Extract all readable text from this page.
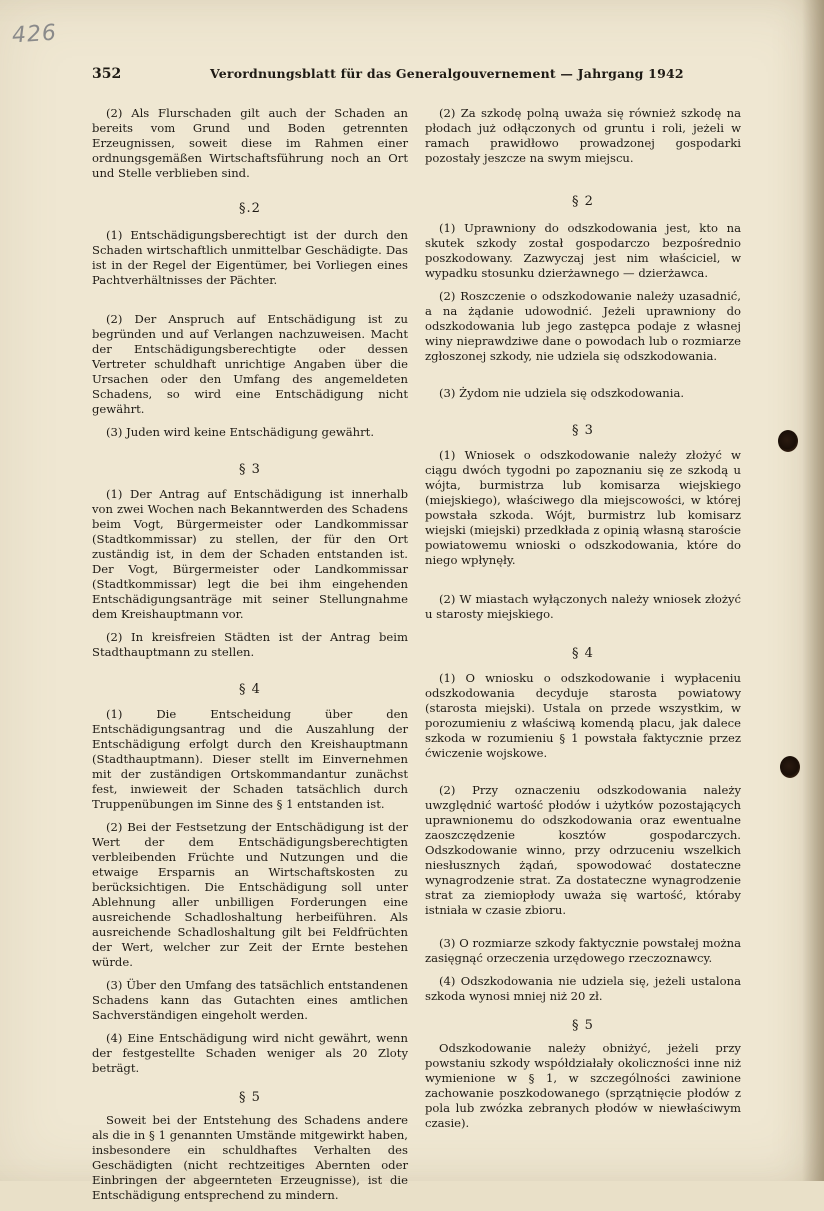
426
352	Verordnungsblatt für das Generalgouvernement — Jahrgang 1942

(2) Als Flurschaden gilt auch der Schaden an bereits vom Grund und Boden getrennten Erzeugnissen, soweit diese im Rahmen einer ordnungsgemäßen Wirtschaftsführung noch an Ort und Stelle verblieben sind.

§.2

(1) Entschädigungsberechtigt ist der durch den Schaden wirtschaftlich unmittelbar Geschädigte. Das ist in der Regel der Eigentümer, bei Vorliegen eines Pachtverhältnisses der Pächter.

(2) Der Anspruch auf Entschädigung ist zu begründen und auf Verlangen nachzuweisen. Macht der Entschädigungsberechtigte oder dessen Vertreter schuldhaft unrichtige Angaben über die Ursachen oder den Umfang des angemeldeten Schadens, so wird eine Entschädigung nicht gewährt.

(3) Juden wird keine Entschädigung gewährt.

§ 3

(1) Der Antrag auf Entschädigung ist innerhalb von zwei Wochen nach Bekanntwerden des Schadens beim Vogt, Bürgermeister oder Landkommissar (Stadtkommissar) zu stellen, der für den Ort zuständig ist, in dem der Schaden entstanden ist. Der Vogt, Bürgermeister oder Landkommissar (Stadtkommissar) legt die bei ihm eingehenden Entschädigungsanträge mit seiner Stellungnahme dem Kreishauptmann vor.

(2) In kreisfreien Städten ist der Antrag beim Stadthauptmann zu stellen.

§ 4

(1) Die Entscheidung über den Entschädigungsantrag und die Auszahlung der Entschädigung erfolgt durch den Kreishauptmann (Stadthauptmann). Dieser stellt im Einvernehmen mit der zuständigen Ortskommandantur zunächst fest, inwieweit der Schaden tatsächlich durch Truppenübungen im Sinne des § 1 entstanden ist.

(2) Bei der Festsetzung der Entschädigung ist der Wert der dem Entschädigungsberechtigten verbleibenden Früchte und Nutzungen und die etwaige Ersparnis an Wirtschaftskosten zu berücksichtigen. Die Entschädigung soll unter Ablehnung aller unbilligen Forderungen eine ausreichende Schadloshaltung herbeiführen. Als ausreichende Schadloshaltung gilt bei Feldfrüchten der Wert, welcher zur Zeit der Ernte bestehen würde.

(3) Über den Umfang des tatsächlich entstandenen Schadens kann das Gutachten eines amtlichen Sachverständigen eingeholt werden.

(4) Eine Entschädigung wird nicht gewährt, wenn der festgestellte Schaden weniger als 20 Zloty beträgt.

§ 5

Soweit bei der Entstehung des Schadens andere als die in § 1 genannten Umstände mitgewirkt haben, insbesondere ein schuldhaftes Verhalten des Geschädigten (nicht rechtzeitiges Abernten oder Einbringen der abgeernteten Erzeugnisse), ist die Entschädigung entsprechend zu mindern.

(2) Za szkodę polną uważa się również szkodę na płodach już odłączonych od gruntu i roli, jeżeli w ramach prawidłowo prowadzonej gospodarki pozostały jeszcze na swym miejscu.

§ 2

(1) Uprawniony do odszkodowania jest, kto na skutek szkody został gospodarczo bezpośrednio poszkodowany. Zazwyczaj jest nim właściciel, w wypadku stosunku dzierżawnego — dzierżawca.

(2) Roszczenie o odszkodowanie należy uzasadnić, a na żądanie udowodnić. Jeżeli uprawniony do odszkodowania lub jego zastępca podaje z własnej winy nieprawdziwe dane o powodach lub o rozmiarze zgłoszonej szkody, nie udziela się odszkodowania.

(3) Żydom nie udziela się odszkodowania.

§ 3

(1) Wniosek o odszkodowanie należy złożyć w ciągu dwóch tygodni po zapoznaniu się ze szkodą u wójta, burmistrza lub komisarza wiejskiego (miejskiego), właściwego dla miejscowości, w której powstała szkoda. Wójt, burmistrz lub komisarz wiejski (miejski) przedkłada z opinią własną staroście powiatowemu wnioski o odszkodowania, które do niego wpłynęły.

(2) W miastach wyłączonych należy wniosek złożyć u starosty miejskiego.

§ 4

(1) O wniosku o odszkodowanie i wypłaceniu odszkodowania decyduje starosta powiatowy (starosta miejski). Ustala on przede wszystkim, w porozumieniu z właściwą komendą placu, jak dalece szkoda w rozumieniu § 1 powstała faktycznie przez ćwiczenie wojskowe.

(2) Przy oznaczeniu odszkodowania należy uwzględnić wartość płodów i użytków pozostających uprawnionemu do odszkodowania oraz ewentualne zaoszczędzenie kosztów gospodarczych. Odszkodowanie winno, przy odrzuceniu wszelkich niesłusznych żądań, spowodować dostateczne wynagrodzenie strat. Za dostateczne wynagrodzenie strat za ziemiopłody uważa się wartość, któraby istniała w czasie zbioru.

(3) O rozmiarze szkody faktycznie powstałej można zasięgnąć orzeczenia urzędowego rzeczoznawcy.

(4) Odszkodowania nie udziela się, jeżeli ustalona szkoda wynosi mniej niż 20 zł.

§ 5

Odszkodowanie należy obniżyć, jeżeli przy powstaniu szkody współdziałały okoliczności inne niż wymienione w § 1, w szczególności zawinione zachowanie poszkodowanego (sprzątnięcie płodów z pola lub zwózka zebranych płodów w niewłaściwym czasie).
